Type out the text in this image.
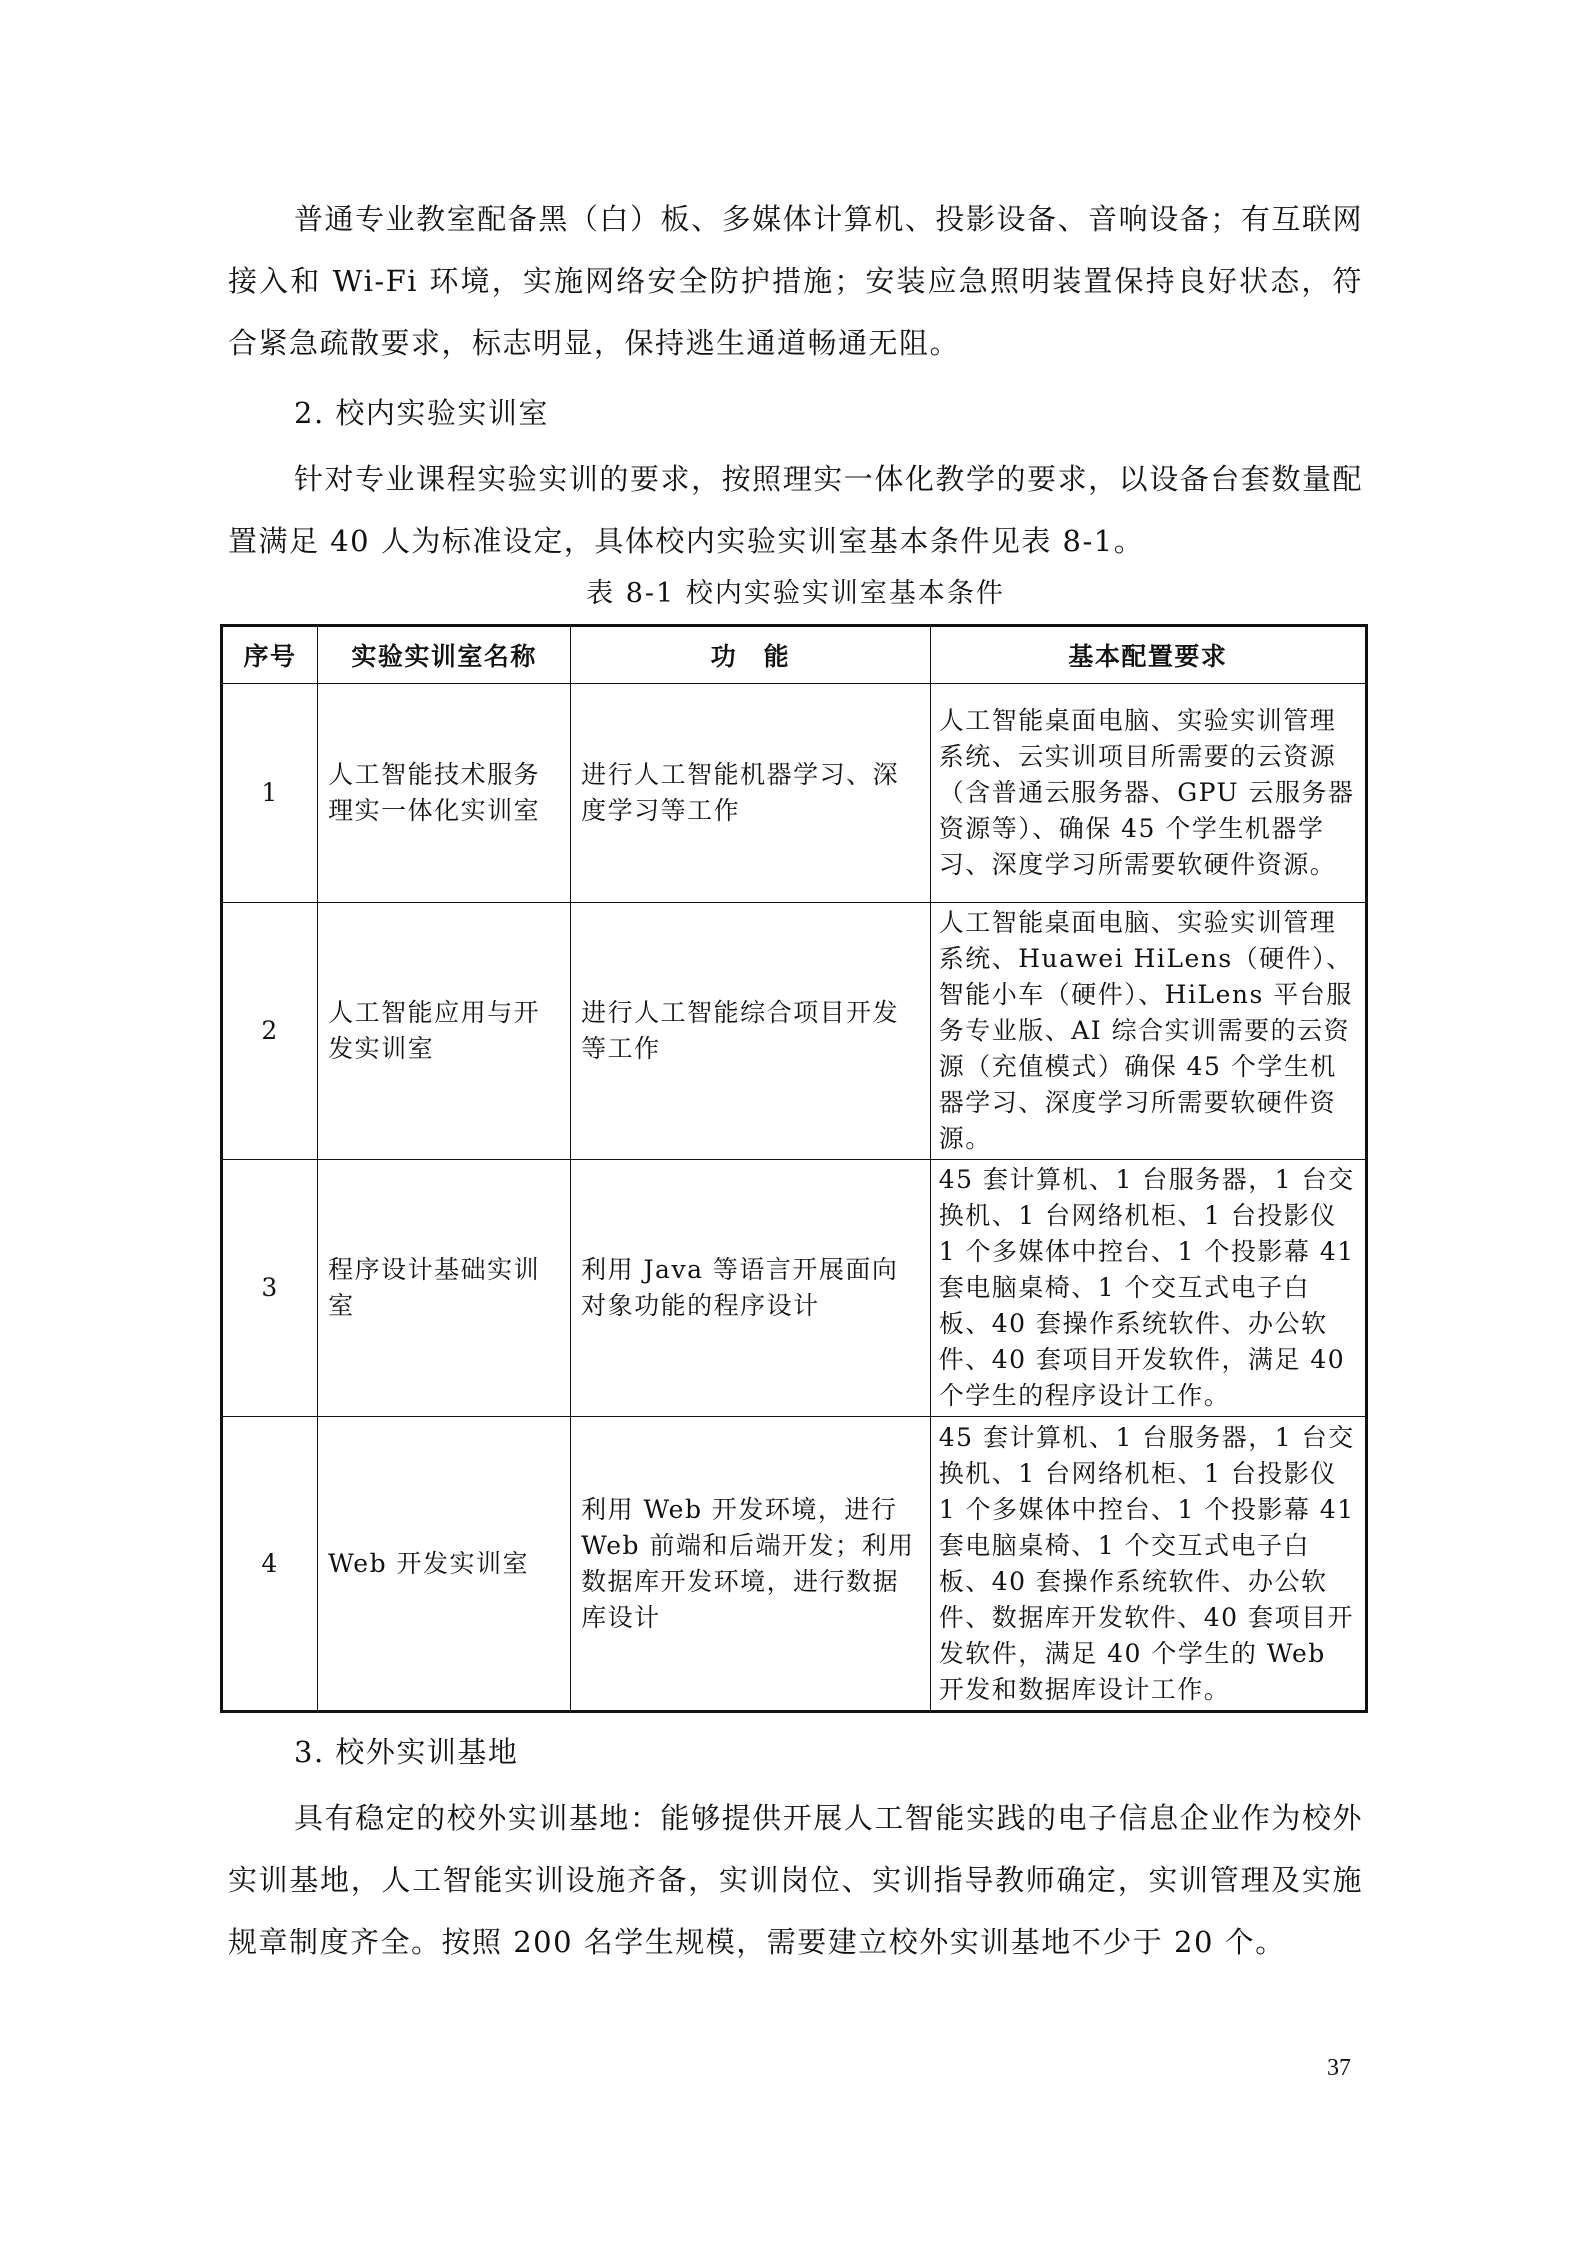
普通专业教室配备黑（白）板、多媒体计算机、投影设备、音响设备；有互联网接入和 Wi-Fi 环境，实施网络安全防护措施；安装应急照明装置保持良好状态，符合紧急疏散要求，标志明显，保持逃生通道畅通无阻。

2. 校内实验实训室

针对专业课程实验实训的要求，按照理实一体化教学的要求，以设备台套数量配置满足 40 人为标准设定，具体校内实验实训室基本条件见表 8-1。

表 8-1 校内实验实训室基本条件
序号	实验实训室名称	功　能	基本配置要求
1	人工智能技术服务理实一体化实训室	进行人工智能机器学习、深度学习等工作	人工智能桌面电脑、实验实训管理系统、云实训项目所需要的云资源（含普通云服务器、GPU 云服务器资源等）、确保 45 个学生机器学习、深度学习所需要软硬件资源。
2	人工智能应用与开发实训室	进行人工智能综合项目开发等工作	人工智能桌面电脑、实验实训管理系统、Huawei HiLens（硬件）、智能小车（硬件）、HiLens 平台服务专业版、AI 综合实训需要的云资源（充值模式）确保 45 个学生机器学习、深度学习所需要软硬件资源。
3	程序设计基础实训室	利用 Java 等语言开展面向对象功能的程序设计	45 套计算机、1 台服务器，1 台交换机、1 台网络机柜、1 台投影仪 1 个多媒体中控台、1 个投影幕 41 套电脑桌椅、1 个交互式电子白板、40 套操作系统软件、办公软件、40 套项目开发软件，满足 40 个学生的程序设计工作。
4	Web 开发实训室	利用 Web 开发环境，进行 Web 前端和后端开发；利用数据库开发环境，进行数据库设计	45 套计算机、1 台服务器，1 台交换机、1 台网络机柜、1 台投影仪 1 个多媒体中控台、1 个投影幕 41 套电脑桌椅、1 个交互式电子白板、40 套操作系统软件、办公软件、数据库开发软件、40 套项目开发软件，满足 40 个学生的 Web 开发和数据库设计工作。
3. 校外实训基地

具有稳定的校外实训基地：能够提供开展人工智能实践的电子信息企业作为校外实训基地，人工智能实训设施齐备，实训岗位、实训指导教师确定，实训管理及实施规章制度齐全。按照 200 名学生规模，需要建立校外实训基地不少于 20 个。

37
